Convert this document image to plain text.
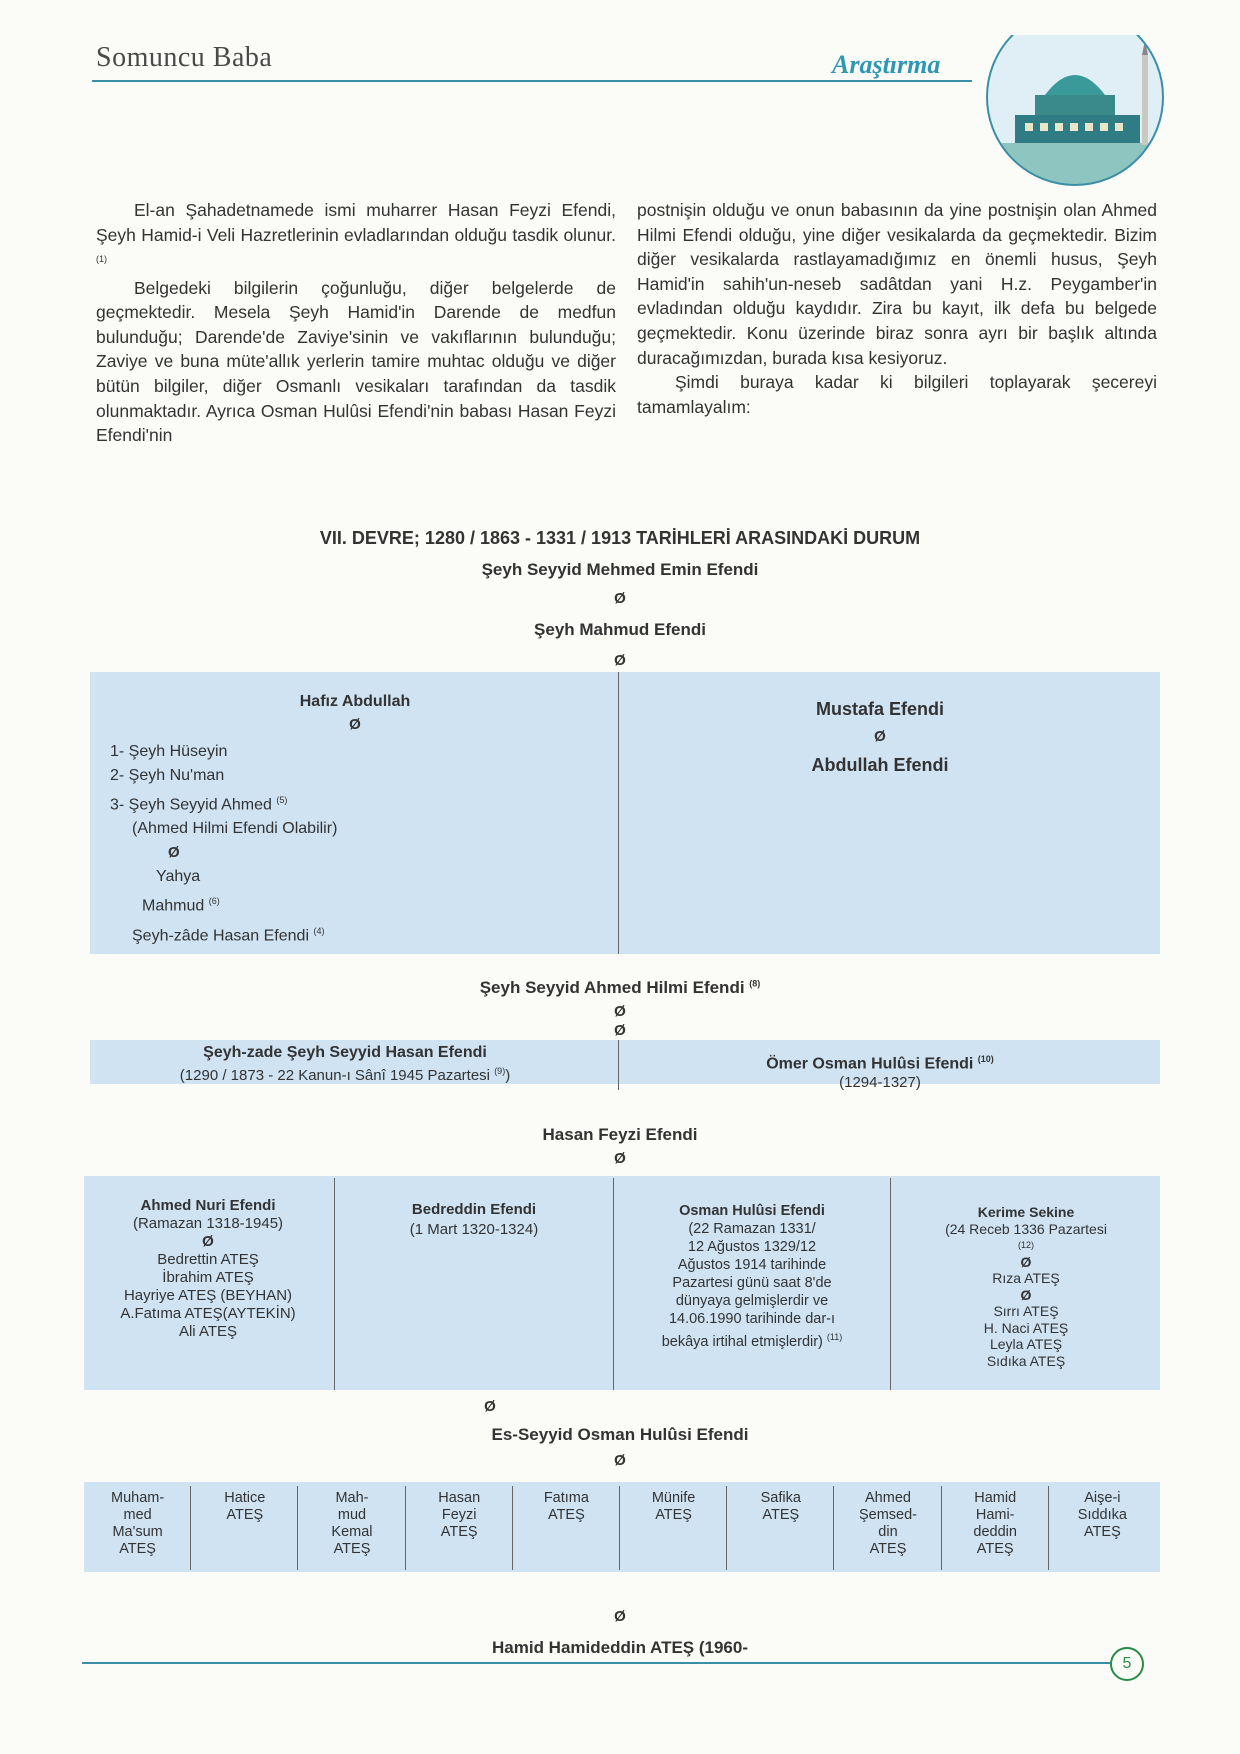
Somuncu Baba	Araştırma

El-an Şahadetnamede ismi muharrer Hasan Feyzi Efendi, Şeyh Hamid-i Veli Hazretlerinin evladlarından olduğu tasdik olunur. $^{(1)}$

Belgedeki bilgilerin çoğunluğu, diğer belgelerde de geçmektedir. Mesela Şeyh Hamid'in Darende de medfun bulunduğu; Darende'de Zaviye'sinin ve vakıflarının bulunduğu; Zaviye ve buna müte'allık yerlerin tamire muhtac olduğu ve diğer bütün bilgiler, diğer Osmanlı vesikaları tarafından da tasdik olunmaktadır. Ayrıca Osman Hulûsi Efendi'nin babası Hasan Feyzi Efendi'nin

postnişin olduğu ve onun babasının da yine postnişin olan Ahmed Hilmi Efendi olduğu, yine diğer vesikalarda da geçmektedir. Bizim diğer vesikalarda rastlayamadığımız en önemli husus, Şeyh Hamid'in sahih'un-neseb sadâtdan yani H.z. Peygamber'in evladından olduğu kaydıdır. Zira bu kayıt, ilk defa bu belgede geçmektedir. Konu üzerinde biraz sonra ayrı bir başlık altında duracağımızdan, burada kısa kesiyoruz.

Şimdi buraya kadar ki bilgileri toplayarak şecereyi tamamlayalım:

VII. DEVRE; 1280 / 1863 - 1331 / 1913 TARİHLERİ ARASINDAKİ DURUM
Şeyh Seyyid Mehmed Emin Efendi
Ø
Şeyh Mahmud Efendi
Ø
Hafız Abdullah
Ø
1- Şeyh Hüseyin
2- Şeyh Nu'man
3- Şeyh Seyyid Ahmed $^{(5)}$
(Ahmed Hilmi Efendi Olabilir)
Ø
Yahya
Mahmud $^{(6)}$
Şeyh-zâde Hasan Efendi $^{(4)}$
Mustafa Efendi
Ø
Abdullah Efendi
Şeyh Seyyid Ahmed Hilmi Efendi $^{(8)}$
Ø
Ø
Şeyh-zade Şeyh Seyyid Hasan Efendi
(1290 / 1873 - 22 Kanun-ı Sânî 1945 Pazartesi $^{(9)}$)
Ömer Osman Hulûsi Efendi $^{(10)}$
(1294-1327)
Hasan Feyzi Efendi
Ø
Ahmed Nuri Efendi
(Ramazan 1318-1945)
Ø
Bedrettin ATEŞ
İbrahim ATEŞ
Hayriye ATEŞ (BEYHAN)
A.Fatıma ATEŞ(AYTEKİN)
Ali ATEŞ
Bedreddin Efendi
(1 Mart 1320-1324)
Osman Hulûsi Efendi
(22 Ramazan 1331/
12 Ağustos 1329/12
Ağustos 1914 tarihinde
Pazartesi günü saat 8'de
dünyaya gelmişlerdir ve
14.06.1990 tarihinde dar-ı
bekâya irtihal etmişlerdir) $^{(11)}$
Kerime Sekine
(24 Receb 1336 Pazartesi
(12)
Ø
Rıza ATEŞ
Ø
Sırrı ATEŞ
H. Naci ATEŞ
Leyla ATEŞ
Sıdıka ATEŞ
Ø
Es-Seyyid Osman Hulûsi Efendi
Ø
Muham-
med
Ma'sum
ATEŞ
Hatice
ATEŞ
Mah-
mud
Kemal
ATEŞ
Hasan
Feyzi
ATEŞ
Fatıma
ATEŞ
Münife
ATEŞ
Safika
ATEŞ
Ahmed
Şemsed-
din
ATEŞ
Hamid
Hami-
deddin
ATEŞ
Aişe-i
Sıddıka
ATEŞ
Ø
Hamid Hamideddin ATEŞ (1960-
5
